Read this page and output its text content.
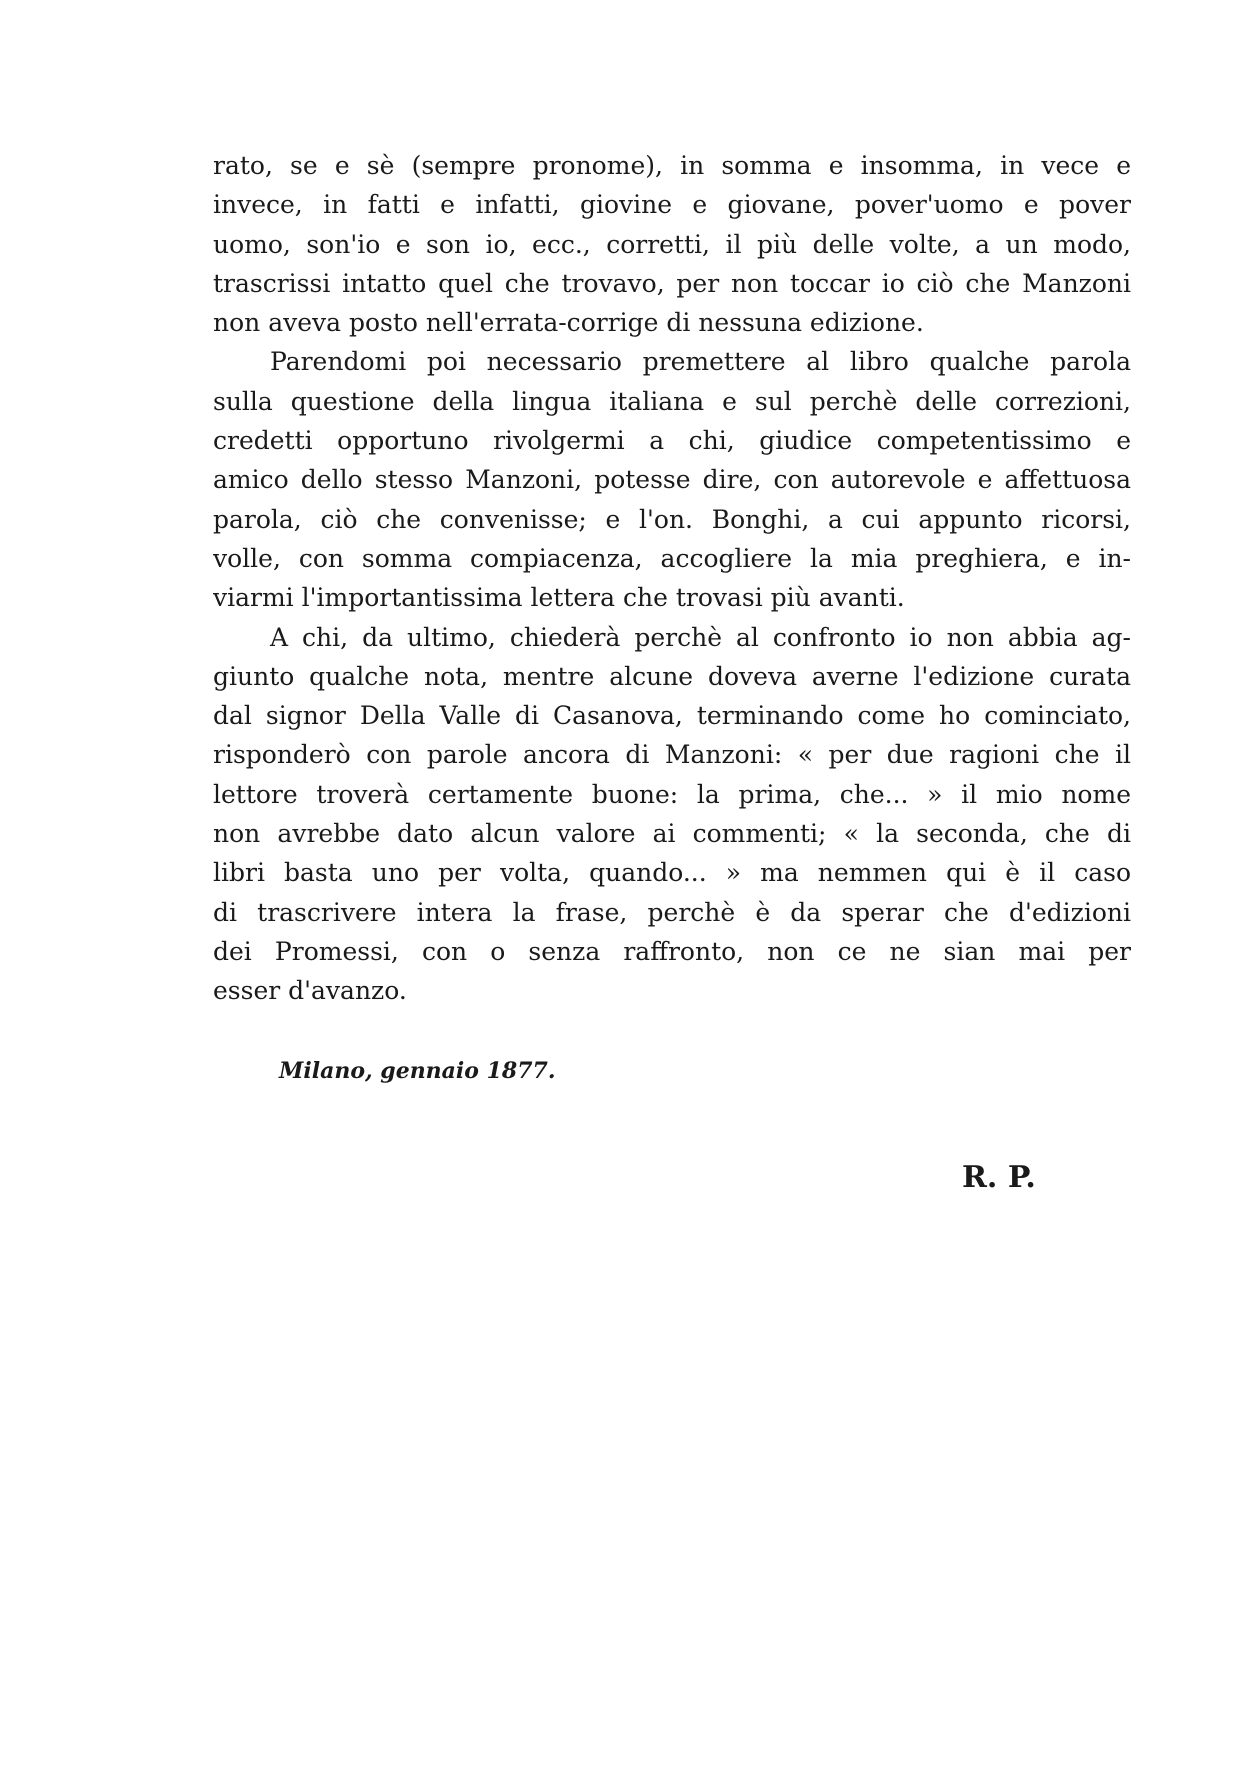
rato, se e sè (sempre pronome), in somma e insomma, in vece e
invece, in fatti e infatti, giovine e giovane, pover'uomo e pover
uomo, son'io e son io, ecc., corretti, il più delle volte, a un modo,
trascrissi intatto quel che trovavo, per non toccar io ciò che Manzoni
non aveva posto nell'errata-corrige di nessuna edizione.
Parendomi poi necessario premettere al libro qualche parola
sulla questione della lingua italiana e sul perchè delle correzioni,
credetti opportuno rivolgermi a chi, giudice competentissimo e
amico dello stesso Manzoni, potesse dire, con autorevole e affettuosa
parola, ciò che convenisse; e l'on. Bonghi, a cui appunto ricorsi,
volle, con somma compiacenza, accogliere la mia preghiera, e in-
viarmi l'importantissima lettera che trovasi più avanti.
A chi, da ultimo, chiederà perchè al confronto io non abbia ag-
giunto qualche nota, mentre alcune doveva averne l'edizione curata
dal signor Della Valle di Casanova, terminando come ho cominciato,
risponderò con parole ancora di Manzoni: « per due ragioni che il
lettore troverà certamente buone: la prima, che... » il mio nome
non avrebbe dato alcun valore ai commenti; « la seconda, che di
libri basta uno per volta, quando... » ma nemmen qui è il caso
di trascrivere intera la frase, perchè è da sperar che d'edizioni
dei Promessi, con o senza raffronto, non ce ne sian mai per
esser d'avanzo.
Milano, gennaio 1877.
R. P.
